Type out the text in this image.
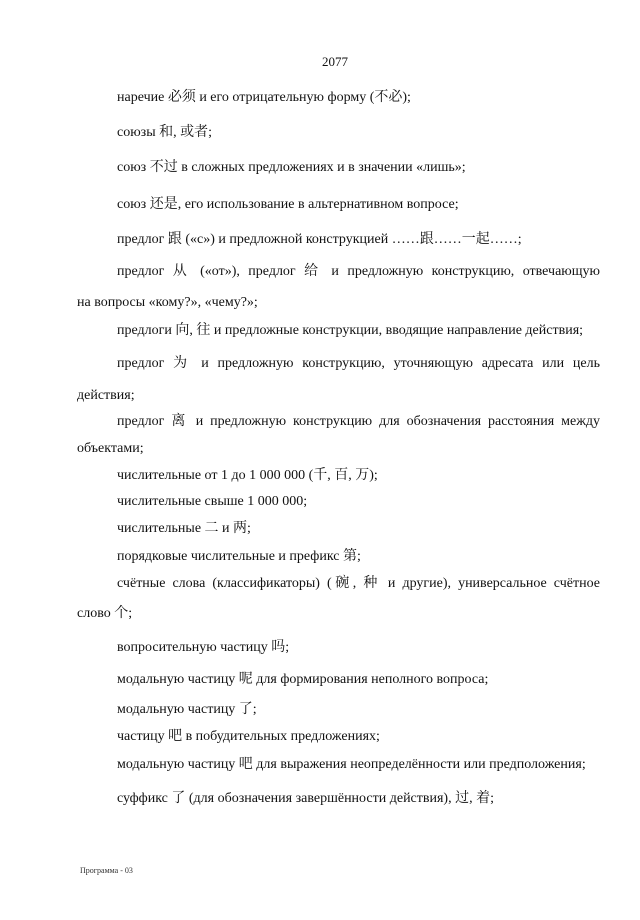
2077
наречие 必须 и его отрицательную форму (不必);
союзы 和, 或者;
союз 不过 в сложных предложениях и в значении «лишь»;
союз 还是, его использование в альтернативном вопросе;
предлог 跟 («с») и предложной конструкцией ……跟……一起……;
предлог 从 («от»), предлог 给 и предложную конструкцию, отвечающую
на вопросы «кому?», «чему?»;
предлоги 向, 往 и предложные конструкции, вводящие направление действия;
предлог 为 и предложную конструкцию, уточняющую адресата или цель
действия;
предлог 离 и предложную конструкцию для обозначения расстояния между
объектами;
числительные от 1 до 1 000 000 (千, 百, 万);
числительные свыше 1 000 000;
числительные 二 и 两;
порядковые числительные и префикс 第;
счётные слова (классификаторы) (碗, 种 и другие), универсальное счётное
слово 个;
вопросительную частицу 吗;
модальную частицу 呢 для формирования неполного вопроса;
модальную частицу 了;
частицу 吧 в побудительных предложениях;
модальную частицу 吧 для выражения неопределённости или предположения;
суффикс 了 (для обозначения завершённости действия), 过, 着;
Программа - 03
